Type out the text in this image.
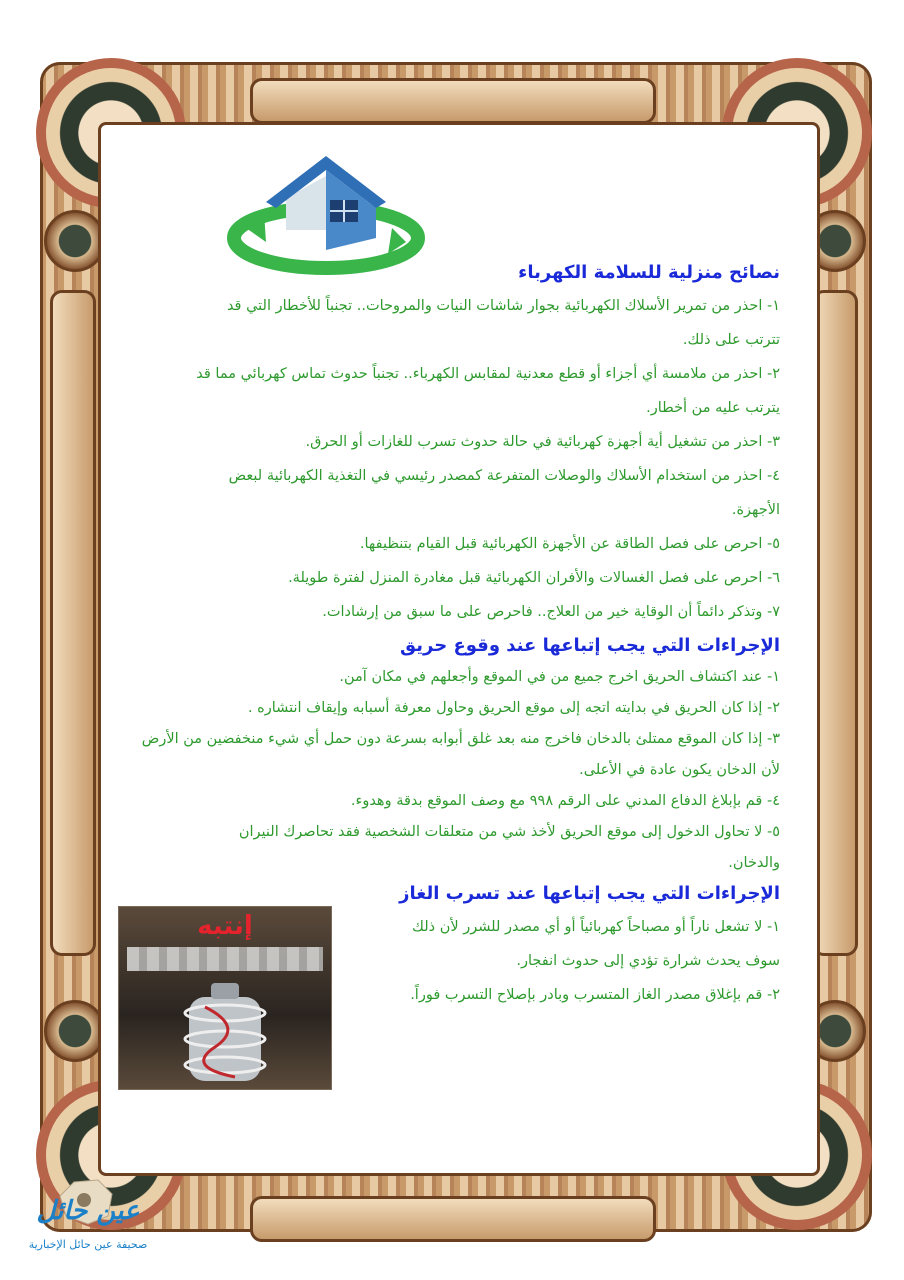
نصائح منزلية للسلامة الكهرباء

١- احذر من تمرير الأسلاك الكهربائية بجوار شاشات النيات والمروحات.. تجنباً للأخطار التي قد

تترتب على ذلك.

٢- احذر من ملامسة أي أجزاء أو قطع معدنية لمقابس الكهرباء.. تجنباً حدوث تماس كهربائي مما قد

يترتب عليه من أخطار.

٣- احذر من تشغيل أية أجهزة كهربائية في حالة حدوث تسرب للغازات أو الحرق.

٤- احذر من استخدام الأسلاك والوصلات المتفرعة كمصدر رئيسي في التغذية الكهربائية لبعض

الأجهزة.

٥- احرص على فصل الطاقة عن الأجهزة الكهربائية قبل القيام بتنظيفها.

٦- احرص على فصل الغسالات والأفران الكهربائية قبل مغادرة المنزل لفترة طويلة.

٧- وتذكر دائماً أن الوقاية خير من العلاج.. فاحرص على ما سبق من إرشادات.

الإجراءات التي يجب إتباعها عند وقوع حريق

١- عند اكتشاف الحريق اخرج جميع من في الموقع وأجعلهم في مكان آمن.

٢- إذا كان الحريق في بدايته اتجه إلى موقع الحريق وحاول معرفة أسبابه وإيقاف انتشاره .

٣- إذا كان الموقع ممتلئ بالدخان فاخرج منه بعد غلق أبوابه بسرعة دون حمل أي شيء منخفضين من الأرض

لأن الدخان يكون عادة في الأعلى.

٤- قم بإبلاغ الدفاع المدني على الرقم ٩٩٨ مع وصف الموقع بدقة وهدوء.

٥- لا تحاول الدخول إلى موقع الحريق لأخذ شي من متعلقات الشخصية فقد تحاصرك النيران

والدخان.

الإجراءات التي يجب إتباعها عند تسرب الغاز

١- لا تشعل ناراً أو مصباحاً كهربائياً أو أي مصدر للشرر لأن ذلك

سوف يحدث شرارة تؤدي إلى حدوث انفجار.

٢- قم بإغلاق مصدر الغاز المتسرب وبادر بإصلاح التسرب فوراً.

إنتبه
عين حائل
صحيفة عين حائل الإخبارية
